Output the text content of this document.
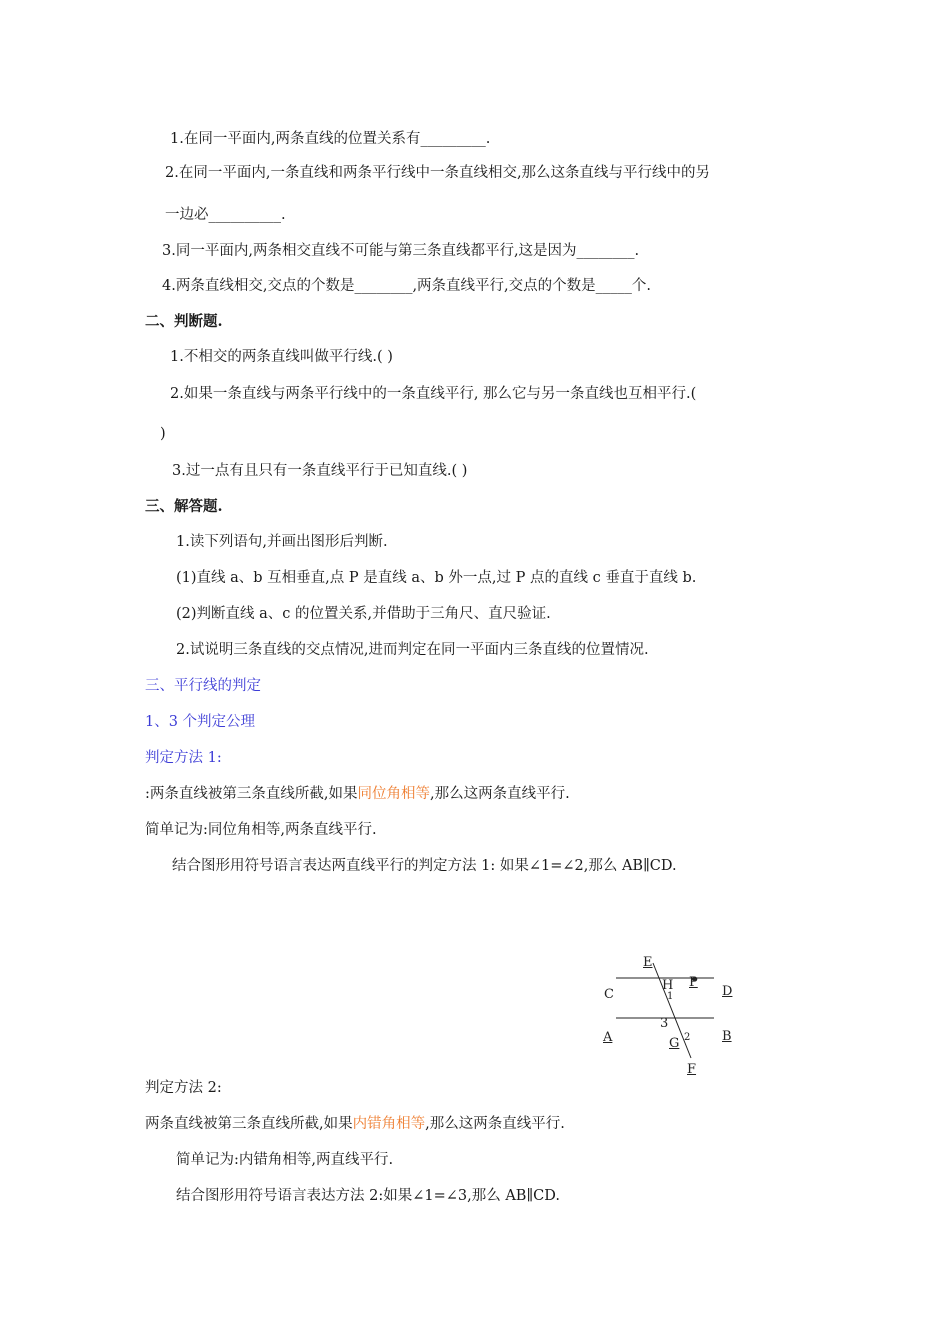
1.在同一平面内,两条直线的位置关系有_________.
2.在同一平面内,一条直线和两条平行线中一条直线相交,那么这条直线与平行线中的另
一边必__________.
3.同一平面内,两条相交直线不可能与第三条直线都平行,这是因为________.
4.两条直线相交,交点的个数是________,两条直线平行,交点的个数是_____个.
二、判断题.
1.不相交的两条直线叫做平行线.( )
2.如果一条直线与两条平行线中的一条直线平行, 那么它与另一条直线也互相平行.(
)
3.过一点有且只有一条直线平行于已知直线.( )
三、解答题.
1.读下列语句,并画出图形后判断.
(1)直线 a、b 互相垂直,点 P 是直线 a、b 外一点,过 P 点的直线 c 垂直于直线 b.
(2)判断直线 a、c 的位置关系,并借助于三角尺、直尺验证.
2.试说明三条直线的交点情况,进而判定在同一平面内三条直线的位置情况.
三、平行线的判定
1、3 个判定公理
判定方法 1:
:两条直线被第三条直线所截,如果同位角相等,那么这两条直线平行.
简单记为:同位角相等,两条直线平行.
结合图形用符号语言表达两直线平行的判定方法 1: 如果∠1=∠2,那么 AB∥CD.
E
H P
C	D
1
3
A	B
G 2
F
判定方法 2:
两条直线被第三条直线所截,如果内错角相等,那么这两条直线平行.
简单记为:内错角相等,两直线平行.
结合图形用符号语言表达方法 2:如果∠1=∠3,那么 AB∥CD.
